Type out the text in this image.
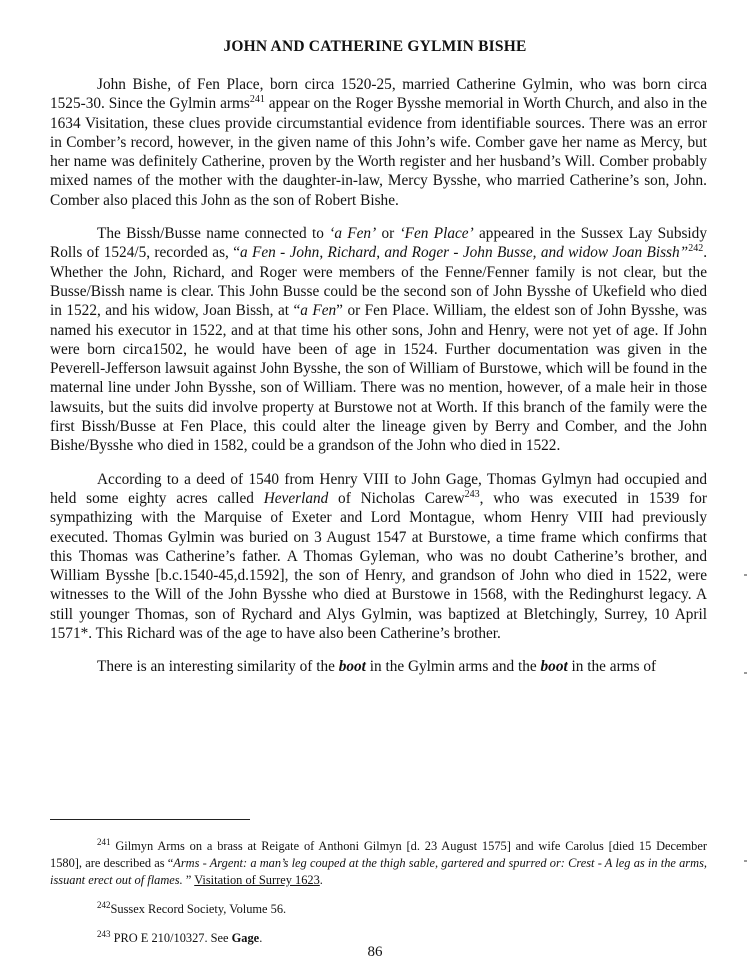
JOHN AND CATHERINE GYLMIN BISHE

John Bishe, of Fen Place, born circa 1520-25, married Catherine Gylmin, who was born circa 1525-30. Since the Gylmin arms$^{241}$ appear on the Roger Bysshe memorial in Worth Church, and also in the 1634 Visitation, these clues provide circumstantial evidence from identifiable sources. There was an error in Comber’s record, however, in the given name of this John’s wife. Comber gave her name as Mercy, but her name was definitely Catherine, proven by the Worth register and her husband’s Will. Comber probably mixed names of the mother with the daughter-in-law, Mercy Bysshe, who married Catherine’s son, John. Comber also placed this John as the son of Robert Bishe.

The Bissh/Busse name connected to ‘a Fen’ or ‘Fen Place’ appeared in the Sussex Lay Subsidy Rolls of 1524/5, recorded as, “a Fen - John, Richard, and Roger - John Busse, and widow Joan Bissh”$^{242}$. Whether the John, Richard, and Roger were members of the Fenne/Fenner family is not clear, but the Busse/Bissh name is clear. This John Busse could be the second son of John Bysshe of Ukefield who died in 1522, and his widow, Joan Bissh, at “a Fen” or Fen Place. William, the eldest son of John Bysshe, was named his executor in 1522, and at that time his other sons, John and Henry, were not yet of age. If John were born circa1502, he would have been of age in 1524. Further documentation was given in the Peverell-Jefferson lawsuit against John Bysshe, the son of William of Burstowe, which will be found in the maternal line under John Bysshe, son of William. There was no mention, however, of a male heir in those lawsuits, but the suits did involve property at Burstowe not at Worth. If this branch of the family were the first Bissh/Busse at Fen Place, this could alter the lineage given by Berry and Comber, and the John Bishe/Bysshe who died in 1582, could be a grandson of the John who died in 1522.

According to a deed of 1540 from Henry VIII to John Gage, Thomas Gylmyn had occupied and held some eighty acres called Heverland of Nicholas Carew$^{243}$, who was executed in 1539 for sympathizing with the Marquise of Exeter and Lord Montague, whom Henry VIII had previously executed. Thomas Gylmin was buried on 3 August 1547 at Burstowe, a time frame which confirms that this Thomas was Catherine’s father. A Thomas Gyleman, who was no doubt Catherine’s brother, and William Bysshe [b.c.1540-45,d.1592], the son of Henry, and grandson of John who died in 1522, were witnesses to the Will of the John Bysshe who died at Burstowe in 1568, with the Redinghurst legacy. A still younger Thomas, son of Rychard and Alys Gylmin, was baptized at Bletchingly, Surrey, 10 April 1571*. This Richard was of the age to have also been Catherine’s brother.

There is an interesting similarity of the boot in the Gylmin arms and the boot in the arms of

$^{241}$ Gilmyn Arms on a brass at Reigate of Anthoni Gilmyn [d. 23 August 1575] and wife Carolus [died 15 December 1580], are described as “Arms - Argent: a man’s leg couped at the thigh sable, gartered and spurred or: Crest - A leg as in the arms, issuant erect out of flames. ” Visitation of Surrey 1623.
$^{242}$Sussex Record Society, Volume 56.
$^{243}$ PRO E 210/10327. See Gage.
86
